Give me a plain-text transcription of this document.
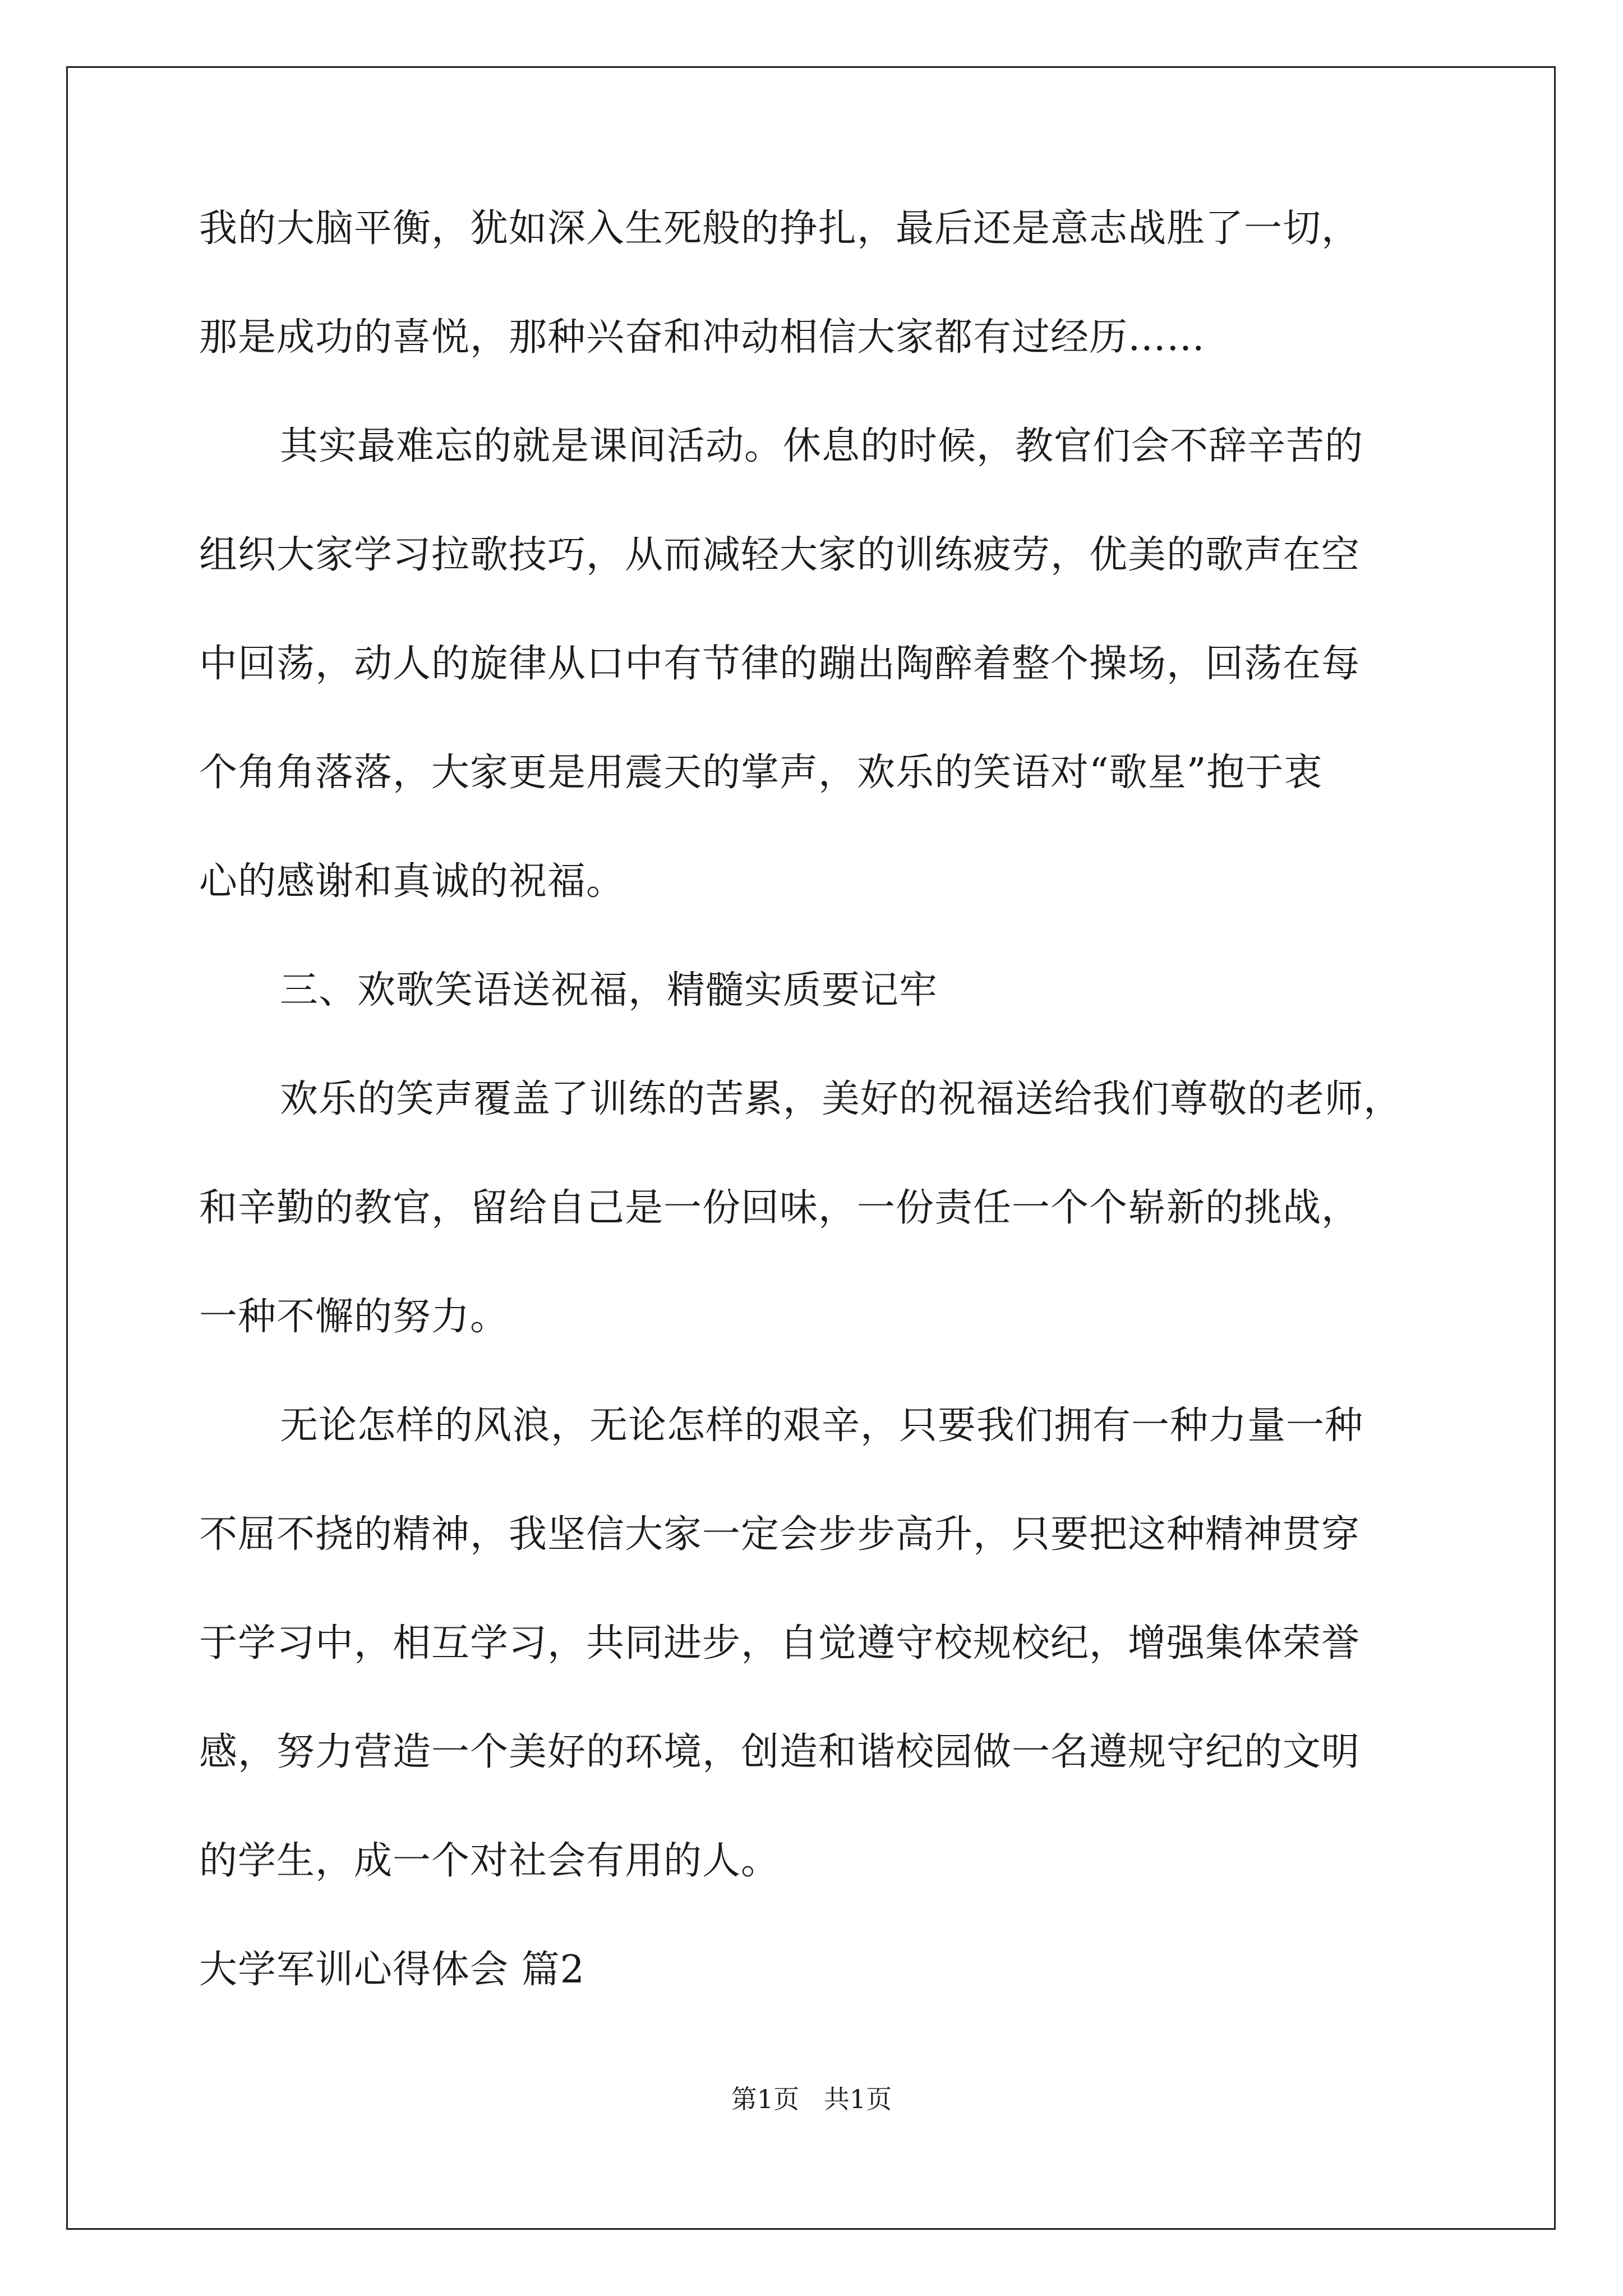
我的大脑平衡，犹如深入生死般的挣扎，最后还是意志战胜了一切，
那是成功的喜悦，那种兴奋和冲动相信大家都有过经历……
其实最难忘的就是课间活动。休息的时候，教官们会不辞辛苦的
组织大家学习拉歌技巧，从而减轻大家的训练疲劳，优美的歌声在空
中回荡，动人的旋律从口中有节律的蹦出陶醉着整个操场，回荡在每
个角角落落，大家更是用震天的掌声，欢乐的笑语对“歌星”抱于衷
心的感谢和真诚的祝福。
三、欢歌笑语送祝福，精髓实质要记牢
欢乐的笑声覆盖了训练的苦累，美好的祝福送给我们尊敬的老师，
和辛勤的教官，留给自己是一份回味，一份责任一个个崭新的挑战，
一种不懈的努力。
无论怎样的风浪，无论怎样的艰辛，只要我们拥有一种力量一种
不屈不挠的精神，我坚信大家一定会步步高升，只要把这种精神贯穿
于学习中，相互学习，共同进步，自觉遵守校规校纪，增强集体荣誉
感，努力营造一个美好的环境，创造和谐校园做一名遵规守纪的文明
的学生，成一个对社会有用的人。
大学军训心得体会 篇2
第1页   共1页
